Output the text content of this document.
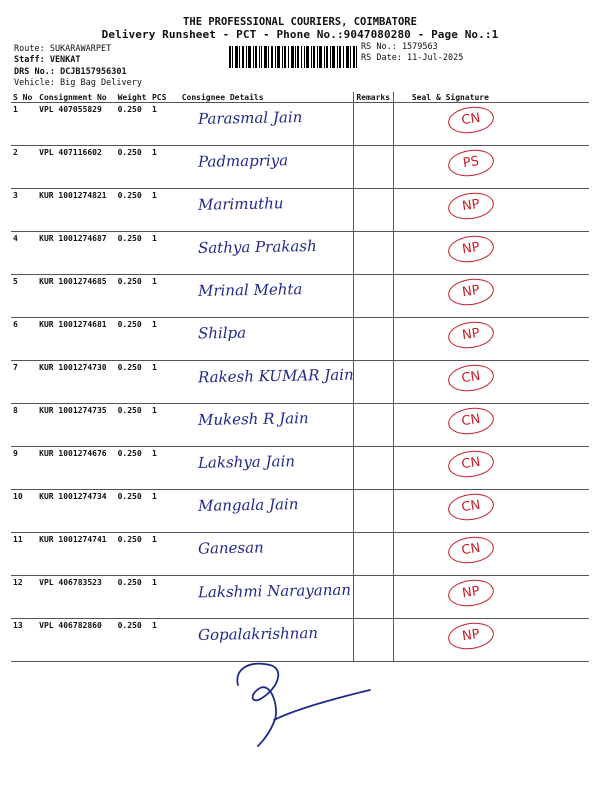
THE PROFESSIONAL COURIERS, COIMBATORE
Delivery Runsheet - PCT - Phone No.:9047080280 - Page No.:1
Route: SUKARAWARPET
Staff: VENKAT
DRS No.: DCJB157956301
Vehicle: Big Bag Delivery
RS No.: 1579563
RS Date: 11-Jul-2025
S No	Consignment No	Weight	PCS	Consignee Details	Remarks	Seal & Signature
1	VPL 407055829	0.250	1	Parasmal Jain		CN
2	VPL 407116602	0.250	1	Padmapriya		PS
3	KUR 1001274821	0.250	1	Marimuthu		NP
4	KUR 1001274687	0.250	1	Sathya Prakash		NP
5	KUR 1001274685	0.250	1	Mrinal Mehta		NP
6	KUR 1001274681	0.250	1	Shilpa		NP
7	KUR 1001274730	0.250	1	Rakesh KUMAR Jain		CN
8	KUR 1001274735	0.250	1	Mukesh R Jain		CN
9	KUR 1001274676	0.250	1	Lakshya Jain		CN
10	KUR 1001274734	0.250	1	Mangala Jain		CN
11	KUR 1001274741	0.250	1	Ganesan		CN
12	VPL 406783523	0.250	1	Lakshmi Narayanan		NP
13	VPL 406782860	0.250	1	Gopalakrishnan		NP
